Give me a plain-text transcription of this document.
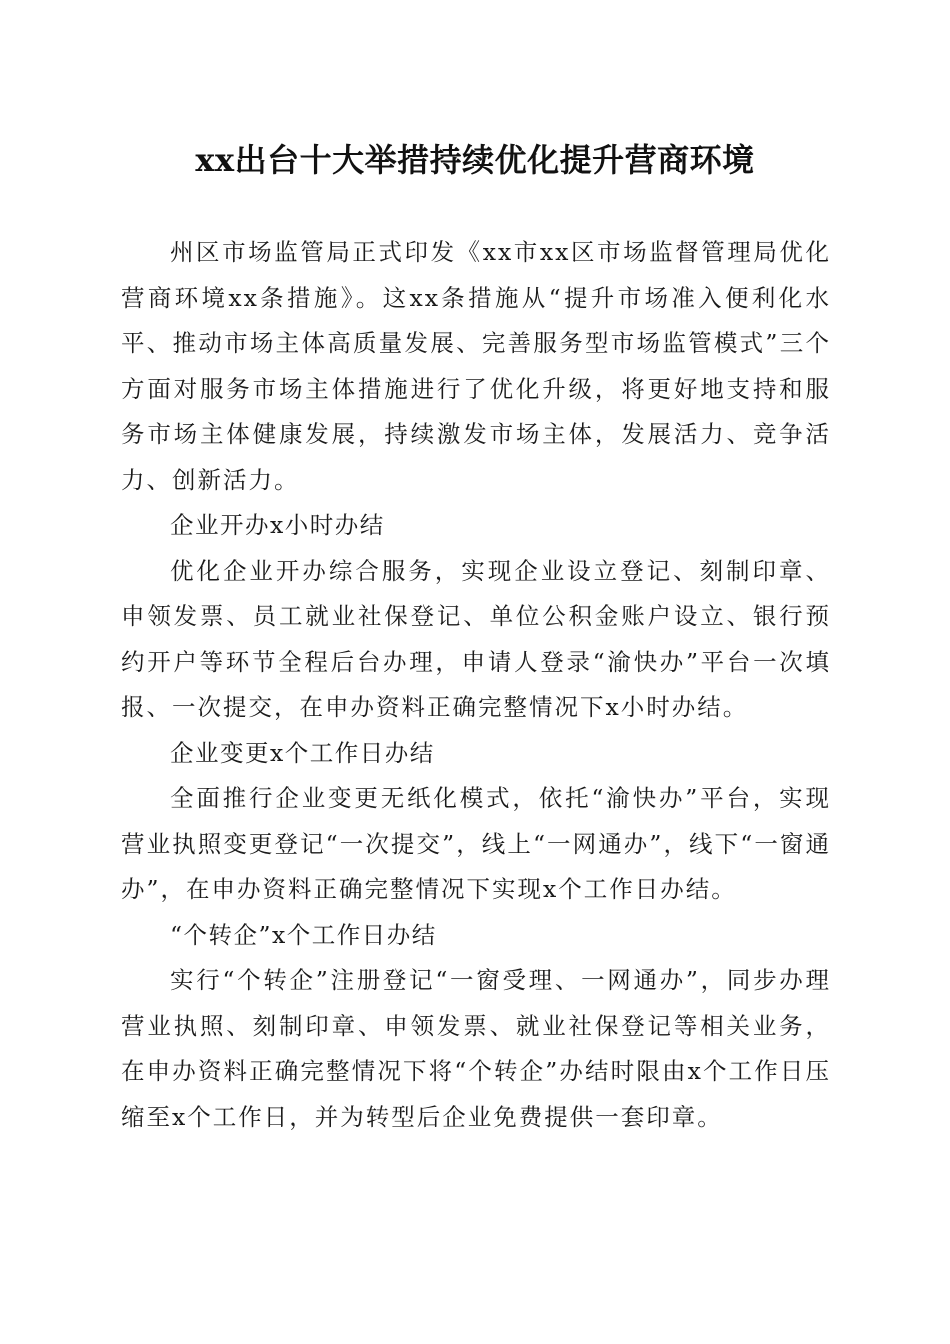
xx出台十大举措持续优化提升营商环境

州区市场监管局正式印发《xx市xx区市场监督管理局优化营商环境xx条措施》。这xx条措施从“提升市场准入便利化水平、推动市场主体高质量发展、完善服务型市场监管模式”三个方面对服务市场主体措施进行了优化升级，将更好地支持和服务市场主体健康发展，持续激发市场主体，发展活力、竞争活力、创新活力。

企业开办x小时办结

优化企业开办综合服务，实现企业设立登记、刻制印章、申领发票、员工就业社保登记、单位公积金账户设立、银行预约开户等环节全程后台办理，申请人登录“渝快办”平台一次填报、一次提交，在申办资料正确完整情况下x小时办结。

企业变更x个工作日办结

全面推行企业变更无纸化模式，依托“渝快办”平台，实现营业执照变更登记“一次提交”，线上“一网通办”，线下“一窗通办”，在申办资料正确完整情况下实现x个工作日办结。

“个转企”x个工作日办结

实行“个转企”注册登记“一窗受理、一网通办”，同步办理营业执照、刻制印章、申领发票、就业社保登记等相关业务，在申办资料正确完整情况下将“个转企”办结时限由x个工作日压缩至x个工作日，并为转型后企业免费提供一套印章。
